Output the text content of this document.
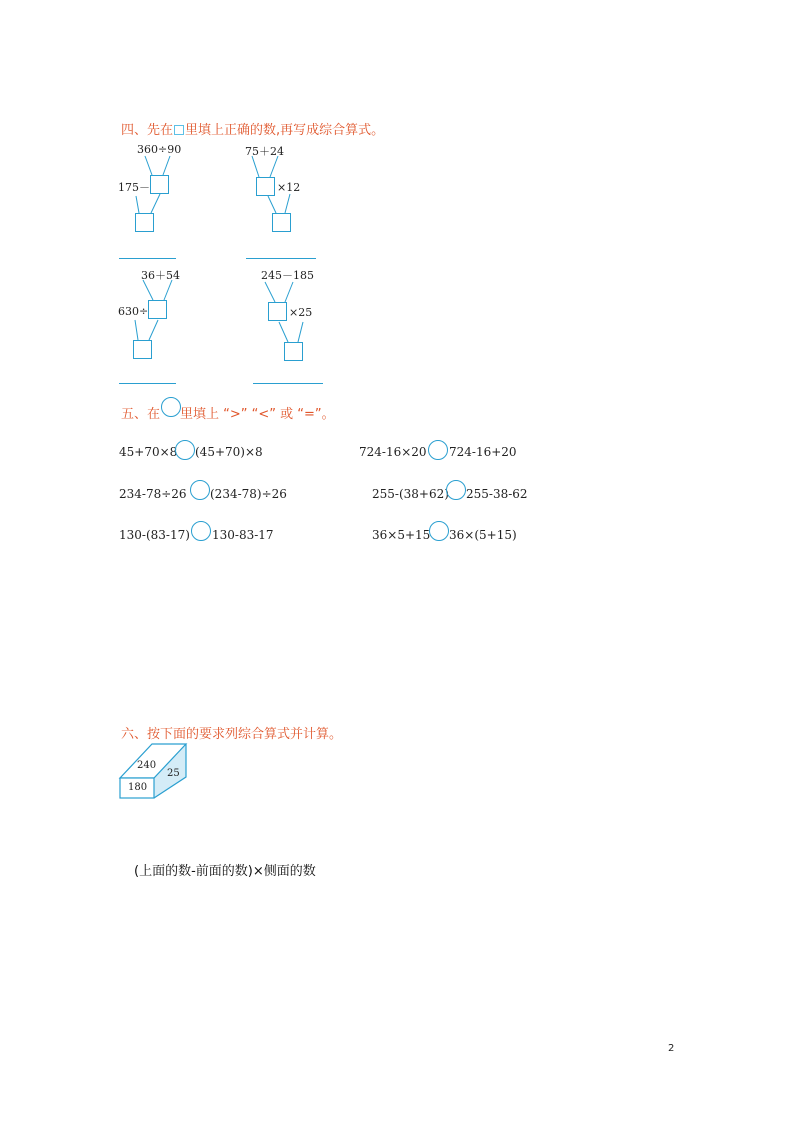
四、先在 里填上正确的数,再写成综合算式。
360÷90
175－
75＋24
×12
36＋54
630÷
245－185
×25
五、在 里填上 “>” “<” 或 “=”。
45+70×8 (45+70)×8	724-16×20 724-16+20
234-78÷26 (234-78)÷26	255-(38+62) 255-38-62
130-(83-17) 130-83-17	36×5+15 36×(5+15)
六、按下面的要求列综合算式并计算。
240
25
180
(上面的数-前面的数)×侧面的数
2
